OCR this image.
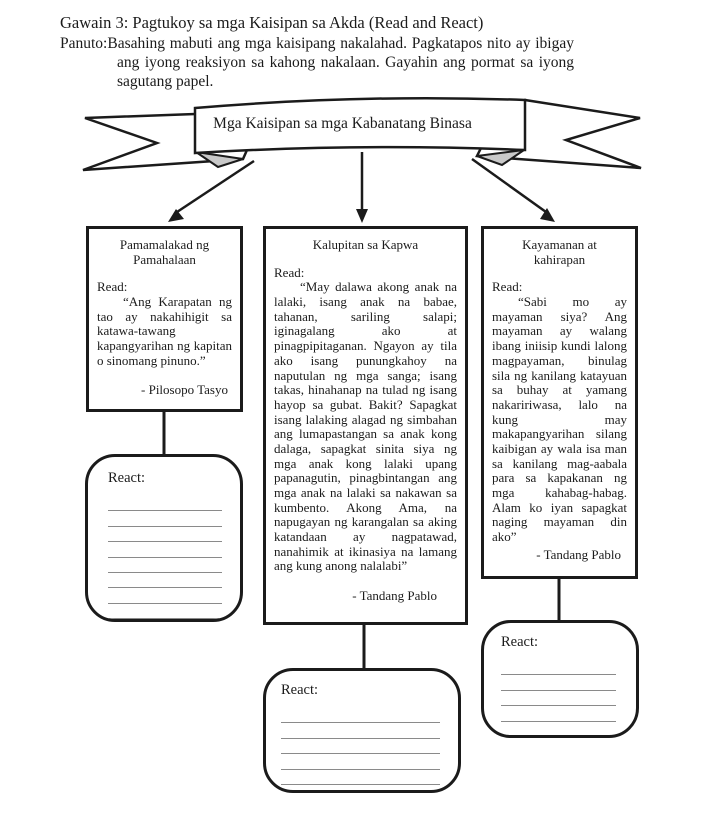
Gawain 3: Pagtukoy sa mga Kaisipan sa Akda (Read and React)
Panuto:Basahing mabuti ang mga kaisipang nakalahad. Pagkatapos nito ay ibigay
ang iyong reaksiyon sa kahong nakalaan. Gayahin ang pormat sa iyong
sagutang papel.
Mga Kaisipan sa mga Kabanatang Binasa
Pamamalakad ng Pamahalaan
Read:
“Ang Karapatan ng tao ay nakahihigit sa katawa-tawang kapangyarihan ng kapitan o sinomang pinuno.”
- Pilosopo Tasyo
Kalupitan sa Kapwa
Read:
“May dalawa akong anak na lalaki, isang anak na babae, tahanan, sariling salapi; iginagalang ako at pinagpipitaganan. Ngayon ay tila ako isang punungkahoy na naputulan ng mga sanga; isang takas, hinahanap na tulad ng isang hayop sa gubat. Bakit? Sapagkat isang lalaking alagad ng simbahan ang lumapastangan sa anak kong dalaga, sapagkat sinita siya ng mga anak kong lalaki upang papanagutin, pinagbintangan ang mga anak na lalaki sa nakawan sa kumbento. Akong Ama, na napugayan ng karangalan sa aking katandaan ay nagpatawad, nanahimik at ikinasiya na lamang ang kung anong nalalabi”
- Tandang Pablo
Kayamanan at kahirapan
Read:
“Sabi mo ay mayaman siya? Ang mayaman ay walang ibang iniisip kundi lalong magpayaman, binulag sila ng kanilang katayuan sa buhay at yamang nakaririwasa, lalo na kung may makapangyarihan silang kaibigan ay wala isa man sa kanilang mag-aabala para sa kapakanan ng mga kahabag-habag. Alam ko iyan sapagkat naging mayaman din ako”
- Tandang Pablo
React:
React:
React:
